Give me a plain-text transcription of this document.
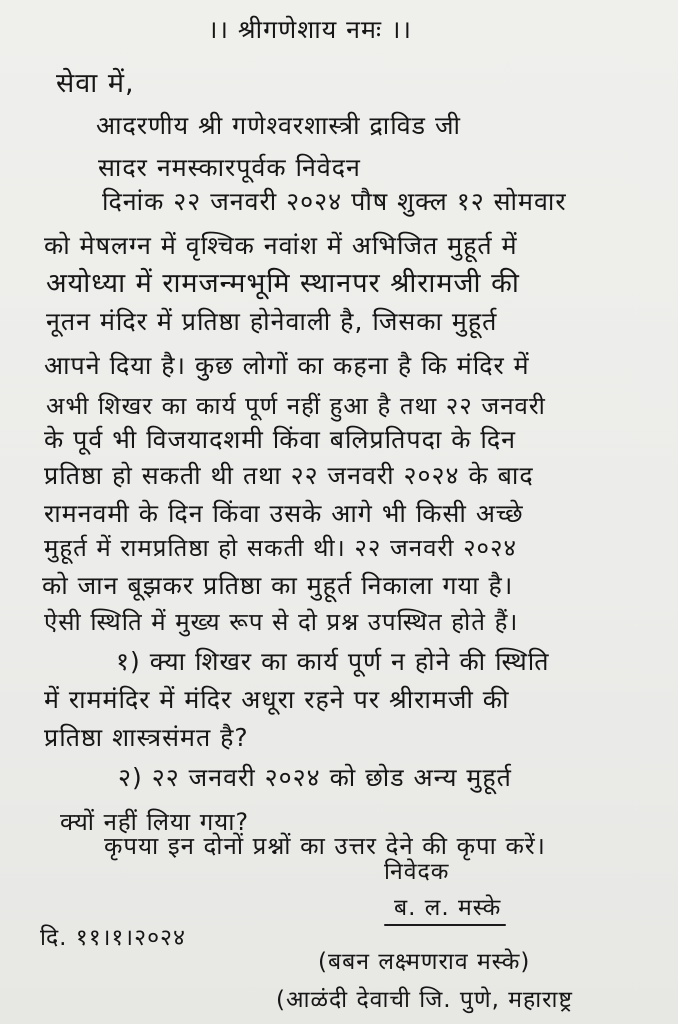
।। श्रीगणेशाय नमः ।।
सेवा में,
आदरणीय श्री गणेश्वरशास्त्री द्राविड जी
सादर नमस्कारपूर्वक निवेदन
दिनांक २२ जनवरी २०२४ पौष शुक्ल १२ सोमवार
को मेषलग्न में वृश्चिक नवांश में अभिजित मुहूर्त में
अयोध्या में रामजन्मभूमि स्थानपर श्रीरामजी की
नूतन मंदिर में प्रतिष्ठा होनेवाली है, जिसका मुहूर्त
आपने दिया है। कुछ लोगों का कहना है कि मंदिर में
अभी शिखर का कार्य पूर्ण नहीं हुआ है तथा २२ जनवरी
के पूर्व भी विजयादशमी किंवा बलिप्रतिपदा के दिन
प्रतिष्ठा हो सकती थी तथा २२ जनवरी २०२४ के बाद
रामनवमी के दिन किंवा उसके आगे भी किसी अच्छे
मुहूर्त में रामप्रतिष्ठा हो सकती थी। २२ जनवरी २०२४
को जान बूझकर प्रतिष्ठा का मुहूर्त निकाला गया है।
ऐसी स्थिति में मुख्य रूप से दो प्रश्न उपस्थित होते हैं।
१) क्या शिखर का कार्य पूर्ण न होने की स्थिति
में राममंदिर में मंदिर अधूरा रहने पर श्रीरामजी की
प्रतिष्ठा शास्त्रसंमत है?
२) २२ जनवरी २०२४ को छोड अन्य मुहूर्त
क्यों नहीं लिया गया?
कृपया इन दोनों प्रश्नों का उत्तर देने की कृपा करें।
निवेदक
ब. ल. मस्के
दि. ११।१।२०२४
(बबन लक्ष्मणराव मस्के)
(आळंदी देवाची जि. पुणे, महाराष्ट्र
